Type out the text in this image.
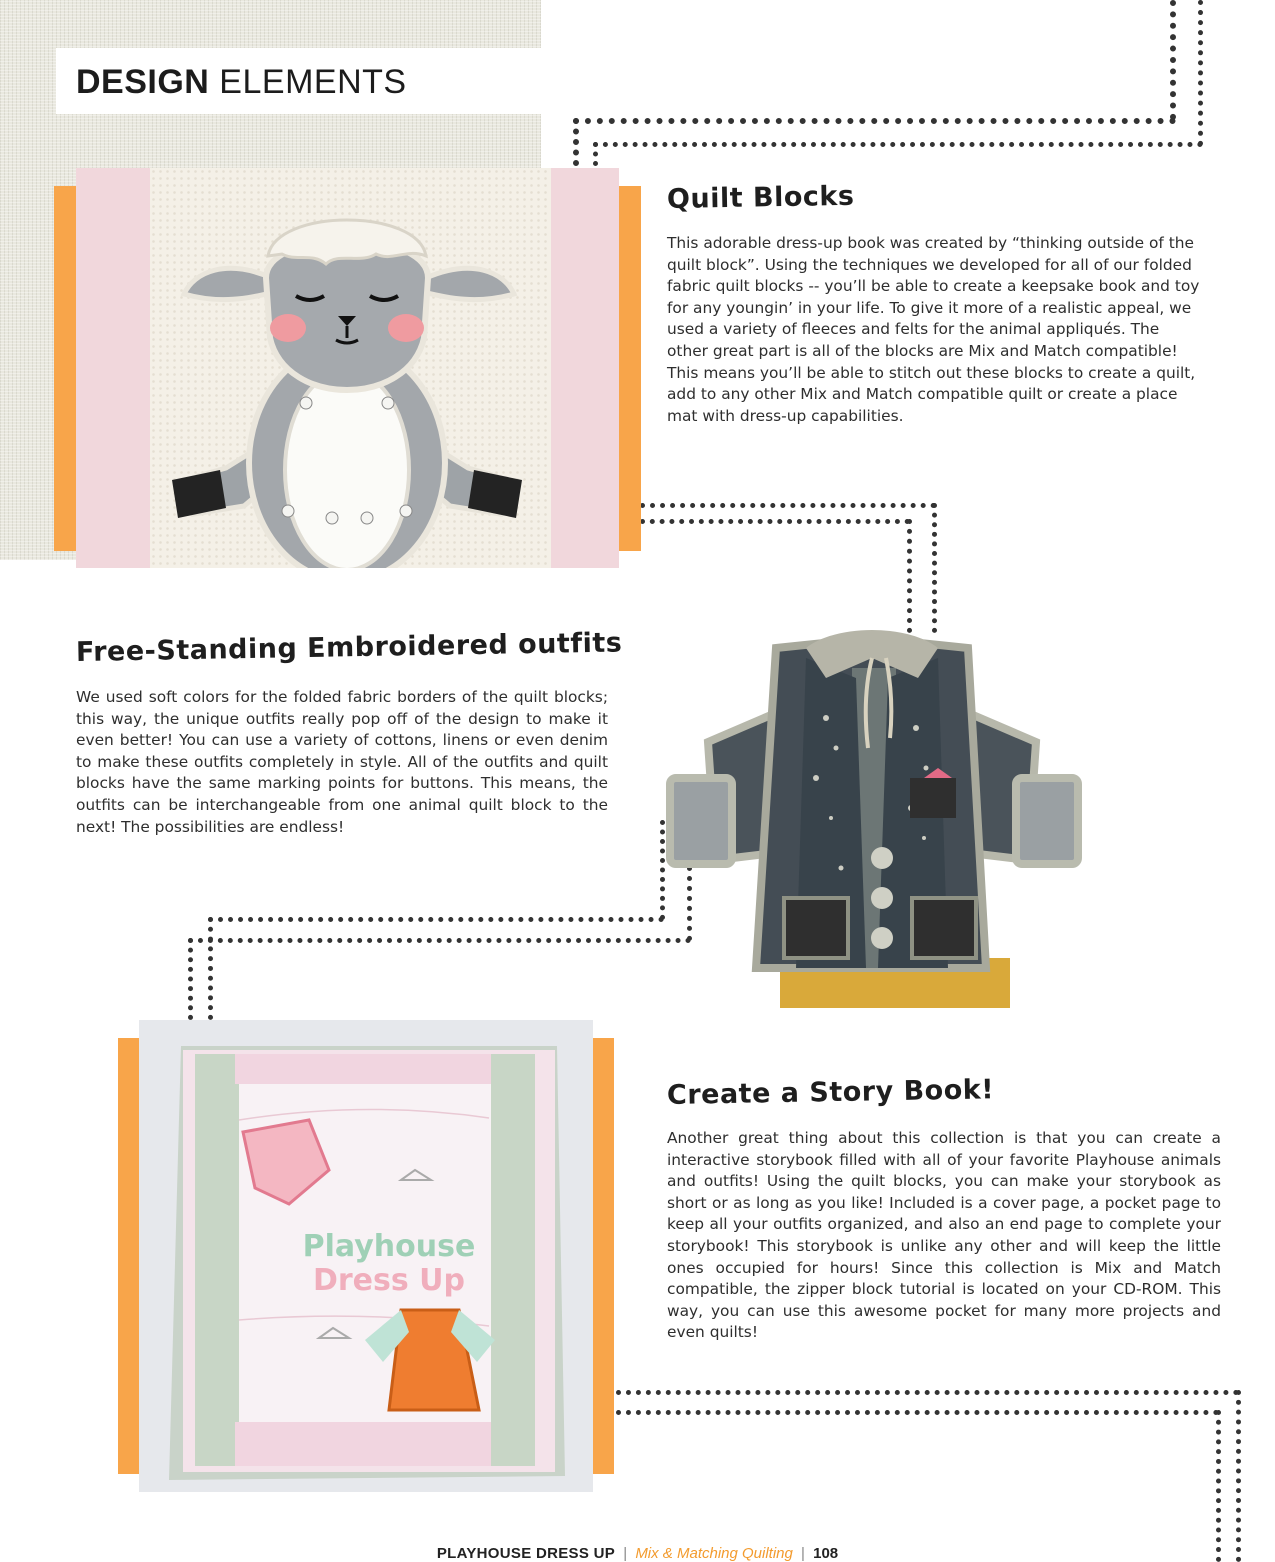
DESIGN ELEMENTS
Playhouse
Dress Up
Quilt Blocks

This adorable dress-up book was created by “thinking outside of the quilt block”. Using the techniques we developed for all of our folded fabric quilt blocks -- you’ll be able to create a keepsake book and toy for any youngin’ in your life. To give it more of a realistic appeal, we used a variety of fleeces and felts for the animal appliqués. The other great part is all of the blocks are Mix and Match compatible! This means you’ll be able to stitch out these blocks to create a quilt, add to any other Mix and Match compatible quilt or create a place mat with dress-up capabilities.

Free-Standing Embroidered outfits

We used soft colors for the folded fabric borders of the quilt blocks; this way, the unique outfits really pop off of the design to make it even better! You can use a variety of cottons, linens or even denim to make these outfits completely in style. All of the outfits and quilt blocks have the same marking points for buttons. This means, the outfits can be interchangeable from one animal quilt block to the next! The possibilities are endless!

Create a Story Book!

Another great thing about this collection is that you can create a interactive storybook filled with all of your favorite Playhouse animals and outfits! Using the quilt blocks, you can make your storybook as short or as long as you like! Included is a cover page, a pocket page to keep all your outfits organized, and also an end page to complete your storybook! This storybook is unlike any other and will keep the little ones occupied for hours! Since this collection is Mix and Match compatible, the zipper block tutorial is located on your CD-ROM. This way, you can use this awesome pocket for many more projects and even quilts!

PLAYHOUSE DRESS UP | Mix & Matching Quilting | 108
